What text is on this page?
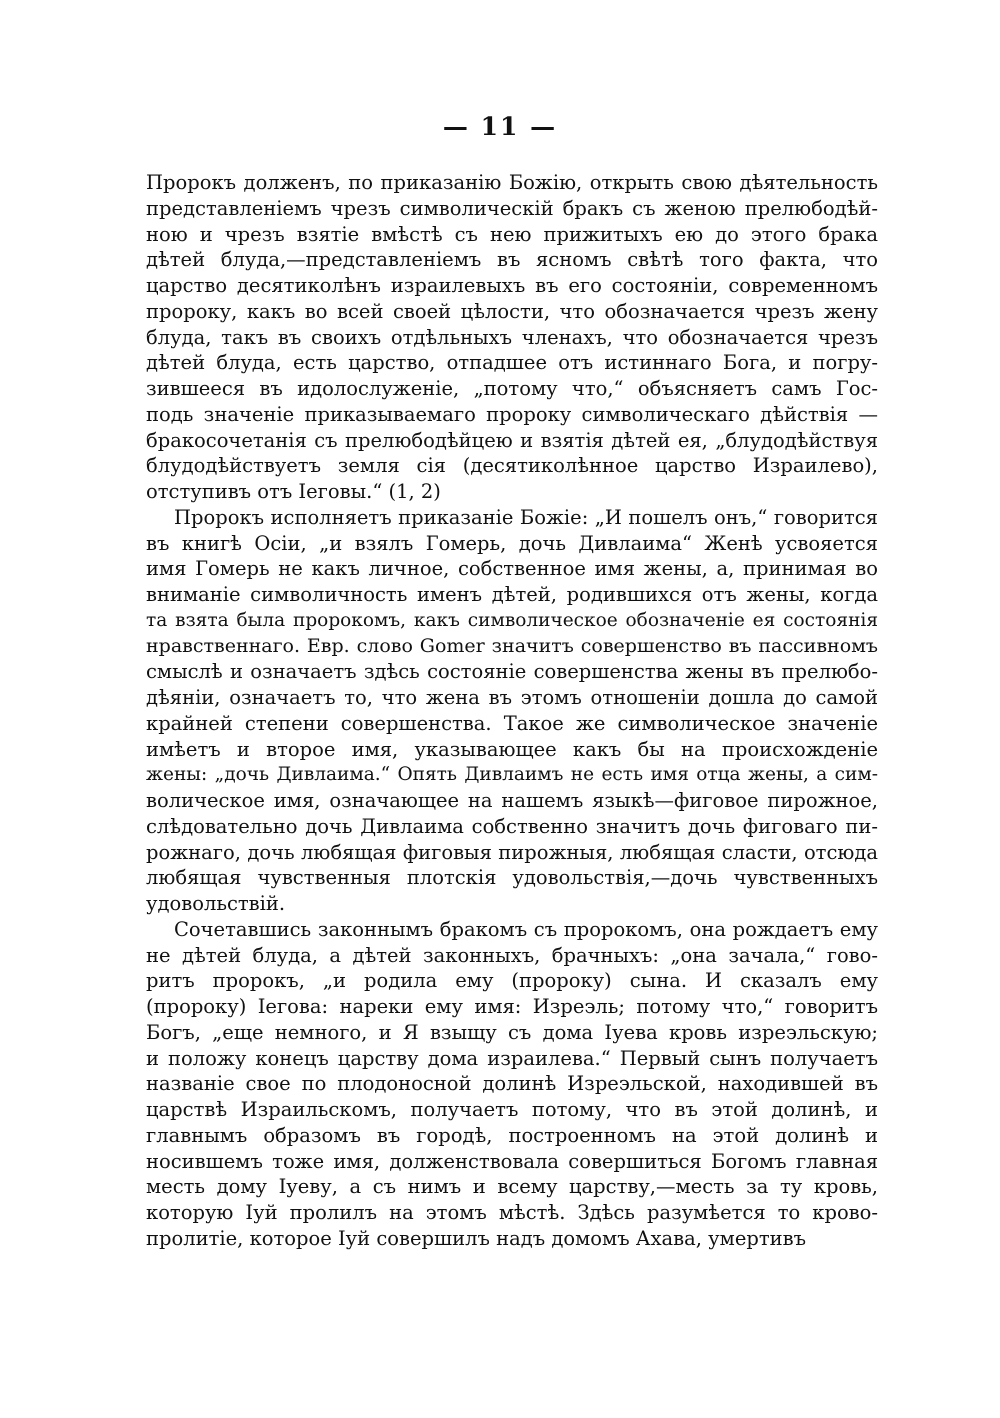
— 11 —
Пророкъ долженъ, по приказанію Божію, открыть свою дѣятельность
представленіемъ чрезъ символическій бракъ съ женою прелюбодѣй-
ною и чрезъ взятіе вмѣстѣ съ нею прижитыхъ ею до этого брака
дѣтей блуда,—представленіемъ въ ясномъ свѣтѣ того факта, что
царство десятиколѣнъ израилевыхъ въ его состояніи, современномъ
пророку, какъ во всей своей цѣлости, что обозначается чрезъ жену
блуда, такъ въ своихъ отдѣльныхъ членахъ, что обозначается чрезъ
дѣтей блуда, есть царство, отпадшее отъ истиннаго Бога, и погру-
зившееся въ идолослуженіе, „потому что,“ объясняетъ самъ Гос-
подь значеніе приказываемаго пророку символическаго дѣйствія —
бракосочетанія съ прелюбодѣйцею и взятія дѣтей ея, „блудодѣйствуя
блудодѣйствуетъ земля сія (десятиколѣнное царство Израилево),
отступивъ отъ Іеговы.“ (1, 2)
Пророкъ исполняетъ приказаніе Божіе: „И пошелъ онъ,“ говорится
въ книгѣ Осіи, „и взялъ Гомерь, дочь Дивлаима“ Женѣ усвояется
имя Гомерь не какъ личное, собственное имя жены, а, принимая во
вниманіе символичность именъ дѣтей, родившихся отъ жены, когда
та взята была пророкомъ, какъ символическое обозначеніе ея состоянія
нравственнаго. Евр. слово Gomer значитъ совершенство въ пассивномъ
смыслѣ и означаетъ здѣсь состояніе совершенства жены въ прелюбо-
дѣяніи, означаетъ то, что жена въ этомъ отношеніи дошла до самой
крайней степени совершенства. Такое же символическое значеніе
имѣетъ и второе имя, указывающее какъ бы на происхожденіе
жены: „дочь Дивлаима.“ Опять Дивлаимъ не есть имя отца жены, а сим-
волическое имя, означающее на нашемъ языкѣ—фиговое пирожное,
слѣдовательно дочь Дивлаима собственно значитъ дочь фиговаго пи-
рожнаго, дочь любящая фиговыя пирожныя, любящая сласти, отсюда
любящая чувственныя плотскія удовольствія,—дочь чувственныхъ
удовольствій.
Сочетавшись законнымъ бракомъ съ пророкомъ, она рождаетъ ему
не дѣтей блуда, а дѣтей законныхъ, брачныхъ: „она зачала,“ гово-
ритъ пророкъ, „и родила ему (пророку) сына. И сказалъ ему
(пророку) Іегова: нареки ему имя: Изреэль; потому что,“ говоритъ
Богъ, „еще немного, и Я взыщу съ дома Іуева кровь изреэльскую;
и положу конецъ царству дома израилева.“ Первый сынъ получаетъ
названіе свое по плодоносной долинѣ Изреэльской, находившей въ
царствѣ Израильскомъ, получаетъ потому, что въ этой долинѣ, и
главнымъ образомъ въ городѣ, построенномъ на этой долинѣ и
носившемъ тоже имя, долженствовала совершиться Богомъ главная
месть дому Іуеву, а съ нимъ и всему царству,—месть за ту кровь,
которую Іуй пролилъ на этомъ мѣстѣ. Здѣсь разумѣется то крово-
пролитіе, которое Іуй совершилъ надъ домомъ Ахава, умертивъ
